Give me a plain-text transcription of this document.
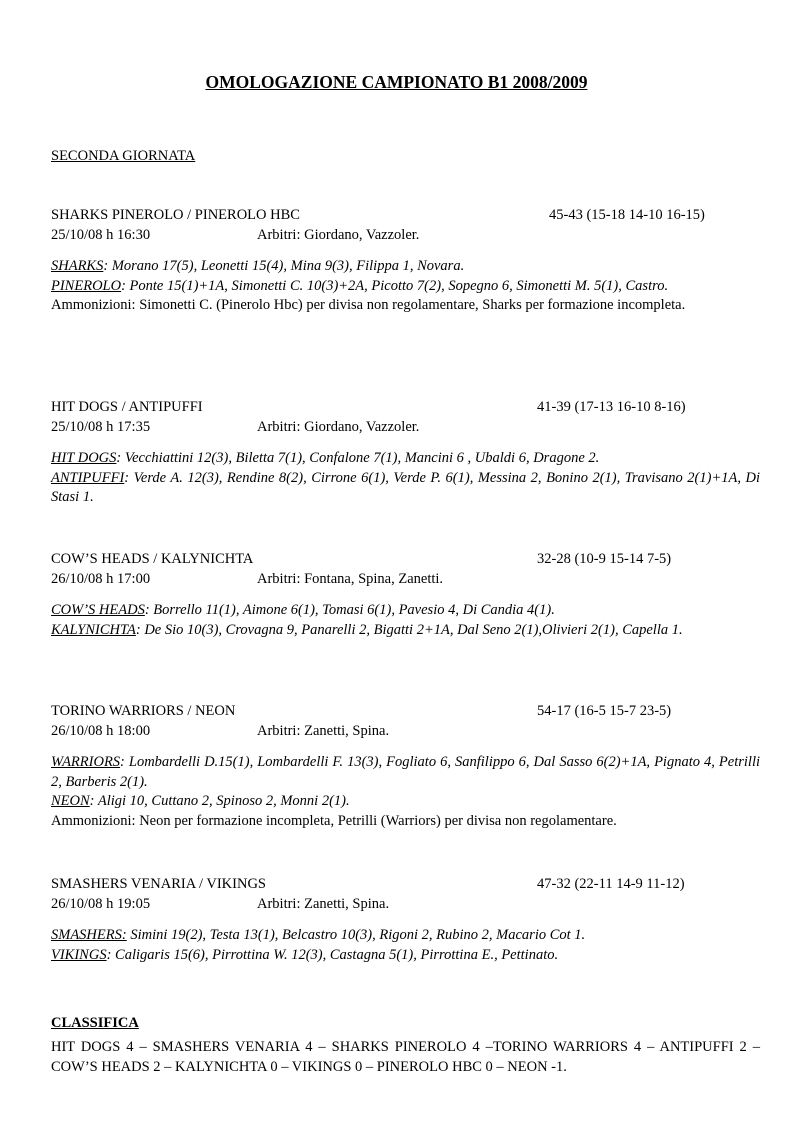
OMOLOGAZIONE CAMPIONATO B1 2008/2009
SECONDA GIORNATA
SHARKS PINEROLO / PINEROLO HBC	45-43 (15-18 14-10 16-15)
25/10/08 h 16:30	Arbitri: Giordano, Vazzoler.

SHARKS: Morano 17(5), Leonetti 15(4), Mina 9(3), Filippa 1, Novara.

PINEROLO: Ponte 15(1)+1A, Simonetti C. 10(3)+2A, Picotto 7(2), Sopegno 6, Simonetti M. 5(1), Castro.

Ammonizioni: Simonetti C. (Pinerolo Hbc) per divisa non regolamentare, Sharks per formazione incompleta.

HIT DOGS / ANTIPUFFI	41-39 (17-13 16-10 8-16)
25/10/08 h 17:35	Arbitri: Giordano, Vazzoler.

HIT DOGS: Vecchiattini 12(3), Biletta 7(1), Confalone 7(1), Mancini 6 , Ubaldi 6, Dragone 2.

ANTIPUFFI: Verde A. 12(3), Rendine 8(2), Cirrone 6(1), Verde P. 6(1), Messina 2, Bonino 2(1), Travisano 2(1)+1A, Di Stasi 1.

COW’S HEADS / KALYNICHTA	32-28 (10-9 15-14 7-5)
26/10/08 h 17:00	Arbitri: Fontana, Spina, Zanetti.

COW’S HEADS: Borrello 11(1), Aimone 6(1), Tomasi 6(1), Pavesio 4, Di Candia 4(1).

KALYNICHTA: De Sio 10(3), Crovagna 9, Panarelli 2, Bigatti 2+1A, Dal Seno 2(1),Olivieri 2(1), Capella 1.

TORINO WARRIORS / NEON	54-17 (16-5 15-7 23-5)
26/10/08 h 18:00	Arbitri: Zanetti, Spina.

WARRIORS: Lombardelli D.15(1), Lombardelli F. 13(3), Fogliato 6, Sanfilippo 6, Dal Sasso 6(2)+1A, Pignato 4, Petrilli 2, Barberis 2(1).

NEON: Aligi 10, Cuttano 2, Spinoso 2, Monni 2(1).

Ammonizioni: Neon per formazione incompleta, Petrilli (Warriors) per divisa non regolamentare.

SMASHERS VENARIA / VIKINGS	47-32 (22-11 14-9 11-12)
26/10/08 h 19:05	Arbitri: Zanetti, Spina.

SMASHERS: Simini 19(2), Testa 13(1), Belcastro 10(3), Rigoni 2, Rubino 2, Macario Cot 1.

VIKINGS: Caligaris 15(6), Pirrottina W. 12(3), Castagna 5(1), Pirrottina E., Pettinato.

CLASSIFICA

HIT DOGS 4 – SMASHERS VENARIA 4 – SHARKS PINEROLO 4 –TORINO WARRIORS 4 – ANTIPUFFI 2 – COW’S HEADS 2 – KALYNICHTA 0 – VIKINGS 0 – PINEROLO HBC 0 – NEON -1.
